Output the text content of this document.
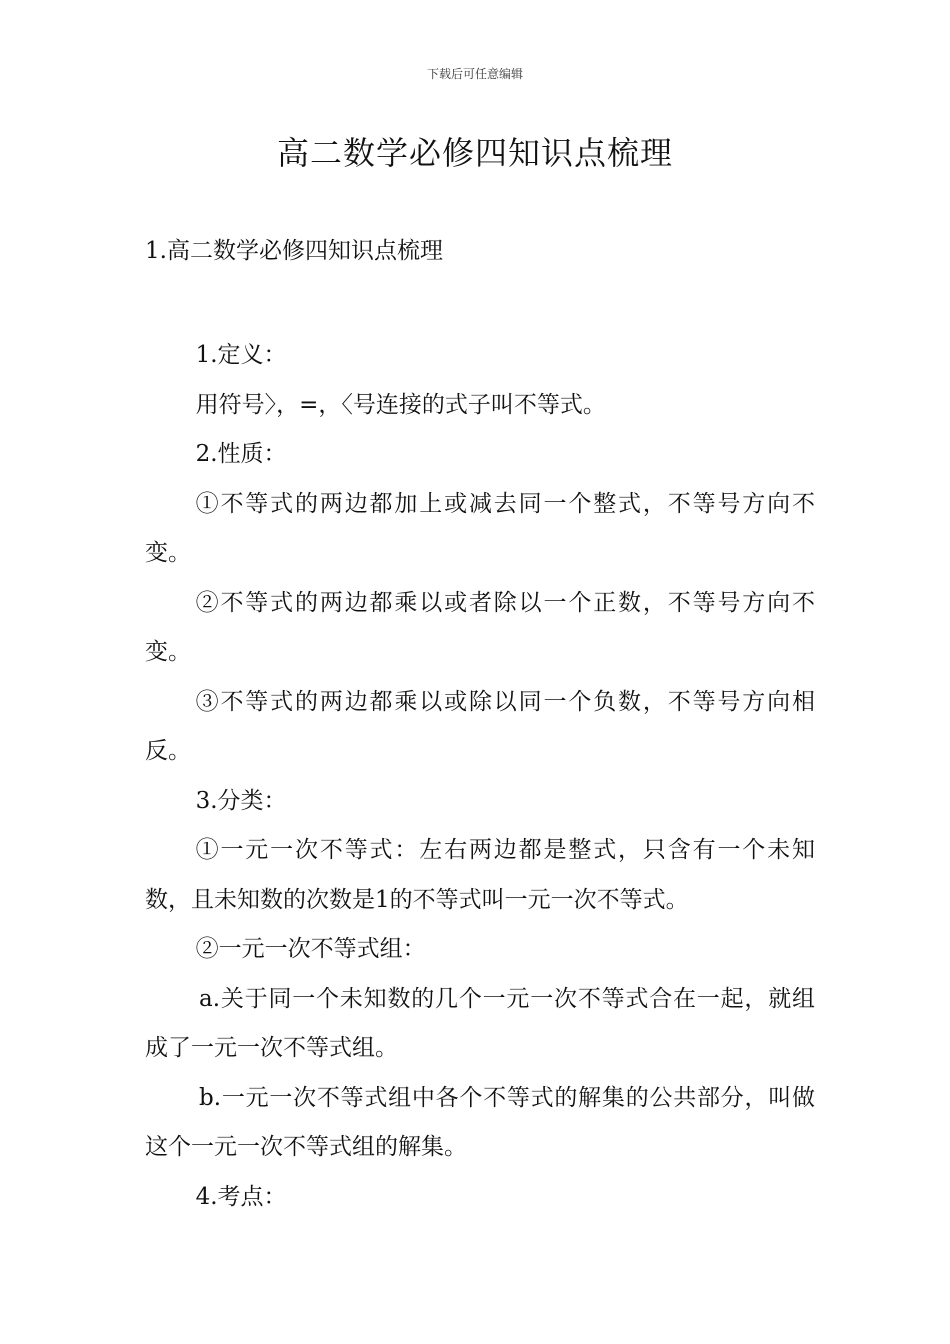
下载后可任意编辑
高二数学必修四知识点梳理
1.高二数学必修四知识点梳理

1.定义：

用符号〉，=，〈号连接的式子叫不等式。

2.性质：

①不等式的两边都加上或减去同一个整式，不等号方向不变。

②不等式的两边都乘以或者除以一个正数，不等号方向不变。

③不等式的两边都乘以或除以同一个负数，不等号方向相反。

3.分类：

①一元一次不等式：左右两边都是整式，只含有一个未知数，且未知数的次数是1的不等式叫一元一次不等式。

②一元一次不等式组：

a.关于同一个未知数的几个一元一次不等式合在一起，就组成了一元一次不等式组。

b.一元一次不等式组中各个不等式的解集的公共部分，叫做这个一元一次不等式组的解集。

4.考点：
